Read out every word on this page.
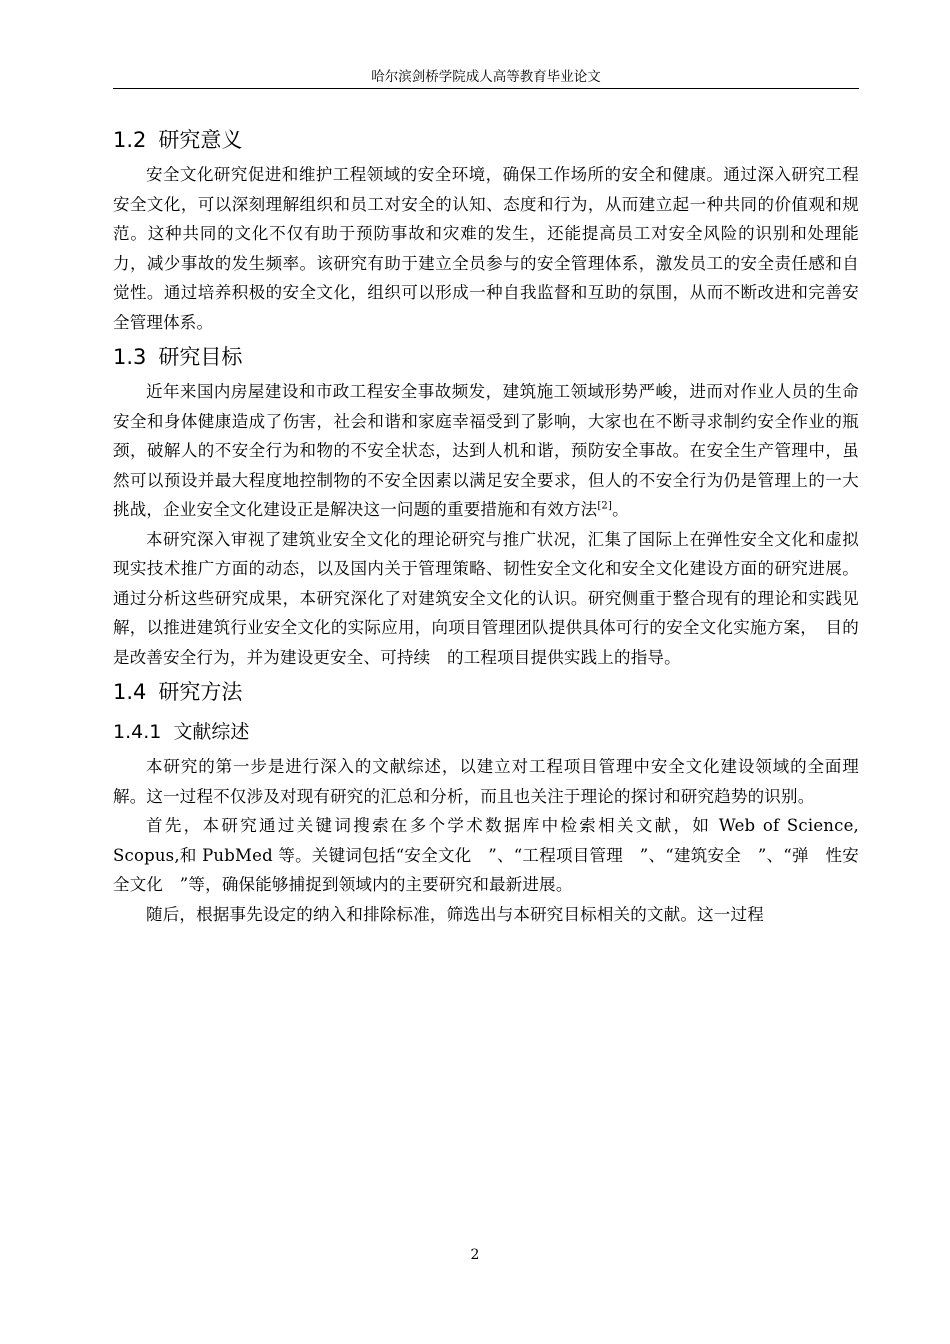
哈尔滨剑桥学院成人高等教育毕业论文
1.2 研究意义

安全文化研究促进和维护工程领域的安全环境，确保工作场所的安全和健康。通过深入研究工程安全文化，可以深刻理解组织和员工对安全的认知、态度和行为，从而建立起一种共同的价值观和规范。这种共同的文化不仅有助于预防事故和灾难的发生，还能提高员工对安全风险的识别和处理能力，减少事故的发生频率。该研究有助于建立全员参与的安全管理体系，激发员工的安全责任感和自觉性。通过培养积极的安全文化，组织可以形成一种自我监督和互助的氛围，从而不断改进和完善安全管理体系。

1.3 研究目标

近年来国内房屋建设和市政工程安全事故频发，建筑施工领域形势严峻，进而对作业人员的生命安全和身体健康造成了伤害，社会和谐和家庭幸福受到了影响，大家也在不断寻求制约安全作业的瓶颈，破解人的不安全行为和物的不安全状态，达到人机和谐，预防安全事故。在安全生产管理中，虽然可以预设并最大程度地控制物的不安全因素以满足安全要求，但人的不安全行为仍是管理上的一大挑战，企业安全文化建设正是解决这一问题的重要措施和有效方法[2]。

本研究深入审视了建筑业安全文化的理论研究与推广状况，汇集了国际上在弹性安全文化和虚拟现实技术推广方面的动态，以及国内关于管理策略、韧性安全文化和安全文化建设方面的研究进展。通过分析这些研究成果，本研究深化了对建筑安全文化的认识。研究侧重于整合现有的理论和实践见解，以推进建筑行业安全文化的实际应用，向项目管理团队提供具体可行的安全文化实施方案，　目的是改善安全行为，并为建设更安全、可持续　的工程项目提供实践上的指导。

1.4 研究方法
1.4.1 文献综述

本研究的第一步是进行深入的文献综述，以建立对工程项目管理中安全文化建设领域的全面理解。这一过程不仅涉及对现有研究的汇总和分析，而且也关注于理论的探讨和研究趋势的识别。

首先，本研究通过关键词搜索在多个学术数据库中检索相关文献，如 Web of Science, Scopus,和 PubMed 等。关键词包括“安全文化　”、“工程项目管理　”、“建筑安全　”、“弹　性安全文化　”等，确保能够捕捉到领域内的主要研究和最新进展。

随后，根据事先设定的纳入和排除标准，筛选出与本研究目标相关的文献。这一过程

2
